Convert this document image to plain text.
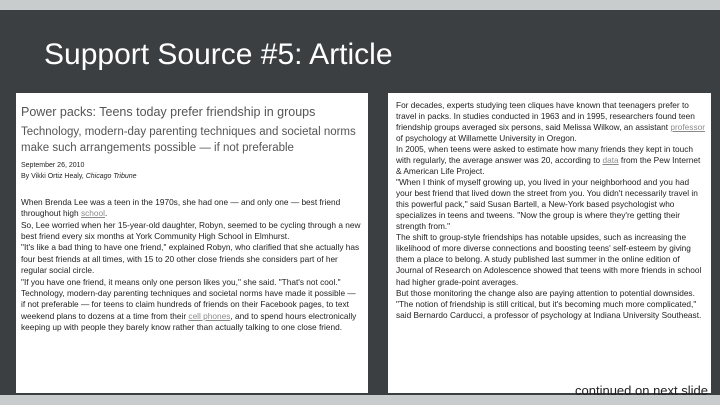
Support Source #5: Article
Power packs: Teens today prefer friendship in groups
Technology, modern-day parenting techniques and societal norms make such arrangements possible — if not preferable
September 26, 2010
By Vikki Ortiz Healy, Chicago Tribune
When Brenda Lee was a teen in the 1970s, she had one — and only one — best friend throughout high school.
So, Lee worried when her 15-year-old daughter, Robyn, seemed to be cycling through a new best friend every six months at York Community High School in Elmhurst.
"It's like a bad thing to have one friend," explained Robyn, who clarified that she actually has four best friends at all times, with 15 to 20 other close friends she considers part of her regular social circle.
"If you have one friend, it means only one person likes you," she said. "That's not cool."
Technology, modern-day parenting techniques and societal norms have made it possible — if not preferable — for teens to claim hundreds of friends on their Facebook pages, to text weekend plans to dozens at a time from their cell phones, and to spend hours electronically keeping up with people they barely know rather than actually talking to one close friend.
For decades, experts studying teen cliques have known that teenagers prefer to travel in packs. In studies conducted in 1963 and in 1995, researchers found teen friendship groups averaged six persons, said Melissa Wilkow, an assistant professor of psychology at Willamette University in Oregon.
In 2005, when teens were asked to estimate how many friends they kept in touch with regularly, the average answer was 20, according to data from the Pew Internet & American Life Project.
"When I think of myself growing up, you lived in your neighborhood and you had your best friend that lived down the street from you. You didn't necessarily travel in this powerful pack," said Susan Bartell, a New-York based psychologist who specializes in teens and tweens. "Now the group is where they're getting their strength from."
The shift to group-style friendships has notable upsides, such as increasing the likelihood of more diverse connections and boosting teens' self-esteem by giving them a place to belong. A study published last summer in the online edition of Journal of Research on Adolescence showed that teens with more friends in school had higher grade-point averages.
But those monitoring the change also are paying attention to potential downsides.
"The notion of friendship is still critical, but it's becoming much more complicated," said Bernardo Carducci, a professor of psychology at Indiana University Southeast.
continued on next slide
